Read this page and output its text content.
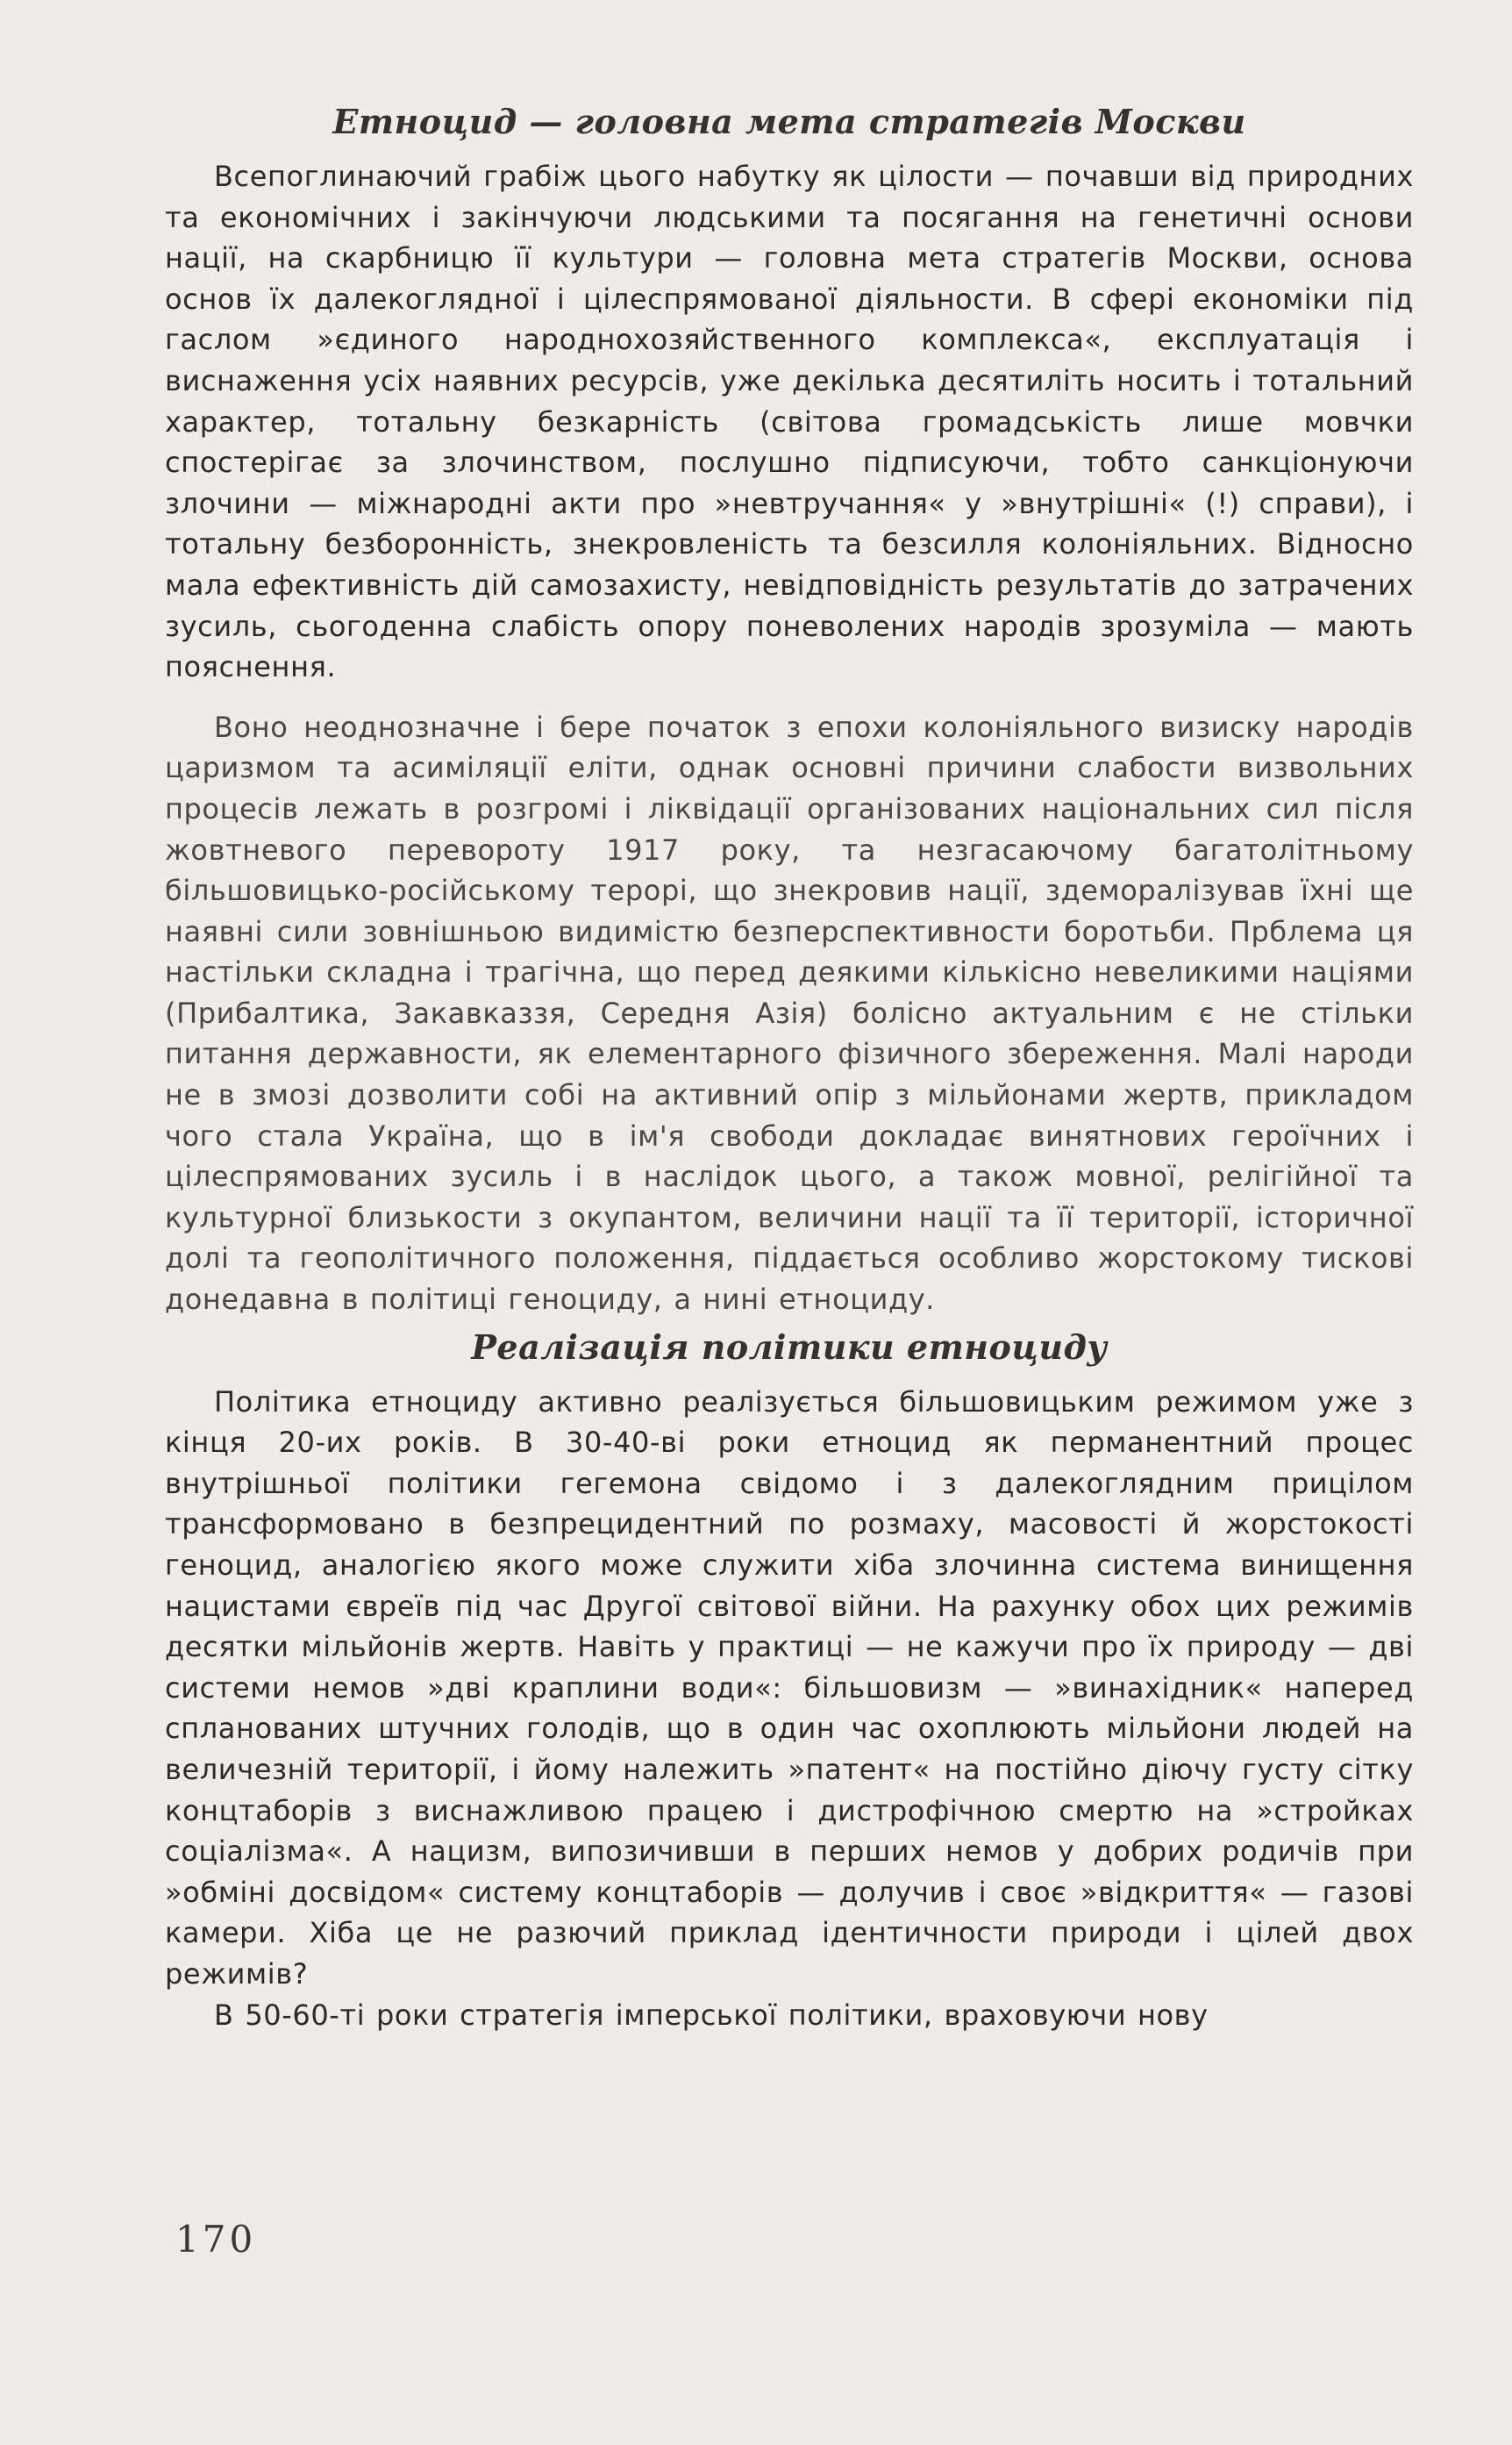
Етноцид — головна мета стратегів Москви

Всепоглинаючий грабіж цього набутку як цілости — почавши від природних та економічних і закінчуючи людськими та посягання на генетичні основи нації, на скарбницю її культури — головна мета стратегів Москви, основа основ їх далекоглядної і цілеспрямованої діяльности. В сфері економіки під гаслом »єдиного народнохозяйственного комплекса«, експлуатація і виснаження усіх наявних ресурсів, уже декілька десятиліть носить і тотальний характер, тотальну безкарність (світова громадськість лише мовчки спостерігає за злочинством, послушно підписуючи, тобто санкціонуючи злочини — міжнародні акти про »невтручання« у »внутрішні« (!) справи), і тотальну безборонність, знекровленість та безсилля колоніяльних. Відносно мала ефективність дій самозахисту, невідповідність результатів до затрачених зусиль, сьогоденна слабість опору поневолених народів зрозуміла — мають пояснення.

Воно неоднозначне і бере початок з епохи колоніяльного визиску народів царизмом та асиміляції еліти, однак основні причини слабости визвольних процесів лежать в розгромі і ліквідації організованих національних сил після жовтневого перевороту 1917 року, та незгасаючому багатолітньому більшовицько-російському терорі, що знекровив нації, здеморалізував їхні ще наявні сили зовнішньою видимістю безперспективности боротьби. Пpблема ця настільки складна і трагічна, що перед деякими кількісно невеликими націями (Прибалтика, Закавказзя, Середня Азія) болісно актуальним є не стільки питання державности, як елементарного фізичного збереження. Малі народи не в змозі дозволити собі на активний опір з мільйонами жертв, прикладом чого стала Україна, що в ім'я свободи докладає винятнових героїчних і цілеспрямованих зусиль і в наслідок цього, а також мовної, релігійної та культурної близькости з окупантом, величини нації та її території, історичної долі та геополітичного положення, піддається особливо жорстокому тискові донедавна в політиці геноциду, а нині етноциду.

Реалізація політики етноциду

Політика етноциду активно реалізується більшовицьким режимом уже з кінця 20-их років. В 30-40-ві роки етноцид як перманентний процес внутрішньої політики гегемона свідомо і з далекоглядним прицілом трансформовано в безпрецидентний по розмаху, масовості й жорстокості геноцид, аналогією якого може служити хіба злочинна система винищення нацистами євреїв під час Другої світової війни. На рахунку обох цих режимів десятки мільйонів жертв. Навіть у практиці — не кажучи про їх природу — дві системи немов »дві краплини води«: більшовизм — »винахідник« наперед спланованих штучних голодів, що в один час охоплюють мільйони людей на величезній території, і йому належить »патент« на постійно діючу густу сітку концтаборів з виснажливою працею і дистрофічною смертю на »стройках соціалізма«. А нацизм, випозичивши в перших немов у добрих родичів при »обміні досвідом« систему концтаборів — долучив і своє »відкриття« — газові камери. Хіба це не разючий приклад ідентичности природи і цілей двох режимів?

В 50-60-ті роки стратегія імперської політики, враховуючи нову

170
